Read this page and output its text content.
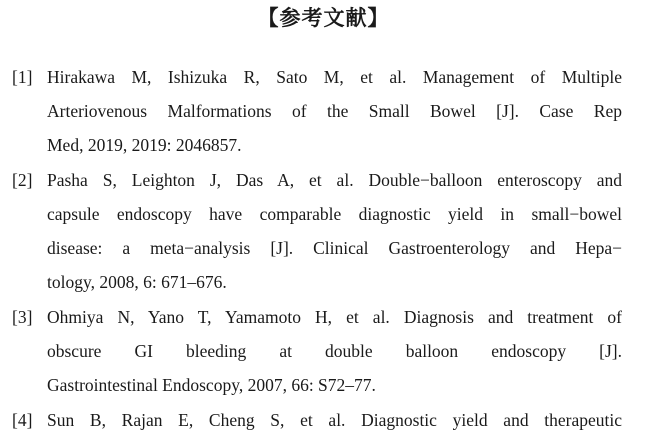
【参考文献】
[1] Hirakawa M, Ishizuka R, Sato M, et al. Management of Multiple
Arteriovenous Malformations of the Small Bowel [J]. Case Rep
Med, 2019, 2019: 2046857.
[2] Pasha S, Leighton J, Das A, et al. Double−balloon enteroscopy and
capsule endoscopy have comparable diagnostic yield in small−bowel
disease: a meta−analysis [J]. Clinical Gastroenterology and Hepa−
tology, 2008, 6: 671–676.
[3] Ohmiya N, Yano T, Yamamoto H, et al. Diagnosis and treatment of
obscure GI bleeding at double balloon endoscopy [J].
Gastrointestinal Endoscopy, 2007, 66: S72–77.
[4] Sun B, Rajan E, Cheng S, et al. Diagnostic yield and therapeutic
